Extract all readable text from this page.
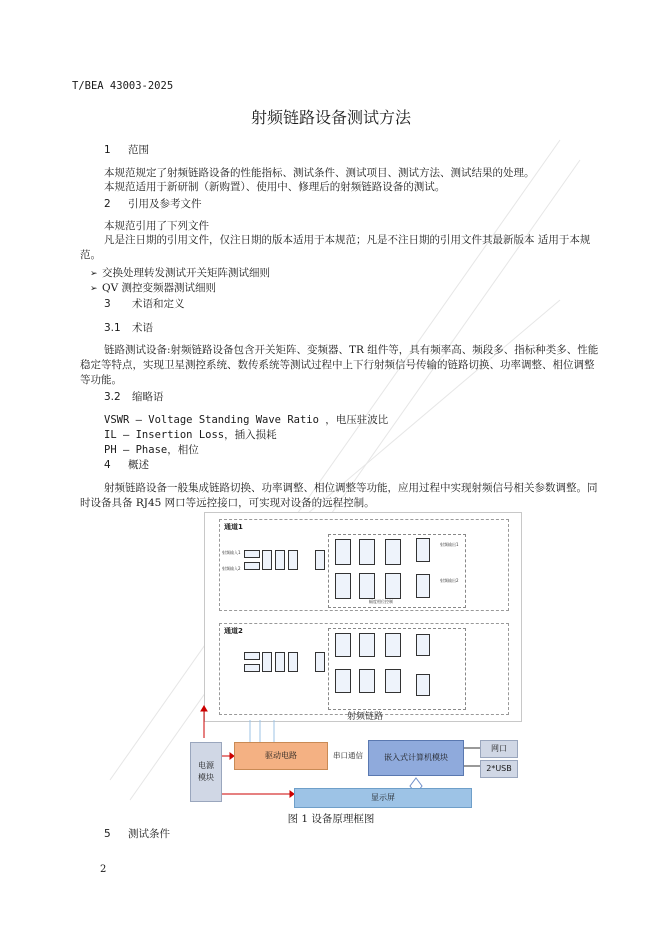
T/BEA 43003-2025
射频链路设备测试方法
1 范围
本规范规定了射频链路设备的性能指标、测试条件、测试项目、测试方法、测试结果的处理。
本规范适用于新研制（新购置）、使用中、修理后的射频链路设备的测试。
2 引用及参考文件
本规范引用了下列文件
凡是注日期的引用文件，仅注日期的版本适用于本规范；凡是不注日期的引用文件其最新版本 适用于本规范。
➢ 交换处理转发测试开关矩阵测试细则
➢ QV 测控变频器测试细则
3 术语和定义
3.1 术语
链路测试设备:射频链路设备包含开关矩阵、变频器、TR 组件等，具有频率高、频段多、指标种类多、性能稳定等特点，实现卫星测控系统、数传系统等测试过程中上下行射频信号传输的链路切换、功率调整、相位调整等功能。
3.2 缩略语
VSWR – Voltage Standing Wave Ratio ，电压驻波比
IL – Insertion Loss，插入损耗
PH – Phase，相位
4 概述
射频链路设备一般集成链路切换、功率调整、相位调整等功能，应用过程中实现射频信号相关参数调整。同时设备具备 RJ45 网口等远控接口，可实现对设备的远程控制。
通道1
射频输入1
射频输入2
幅度相位控制
射频输出1
射频输出2
通道2
射频链路
电源
模块
驱动电路	串口通信	嵌入式计算机模块
网口
2*USB
显示屏
图 1 设备原理框图
5 测试条件
2
